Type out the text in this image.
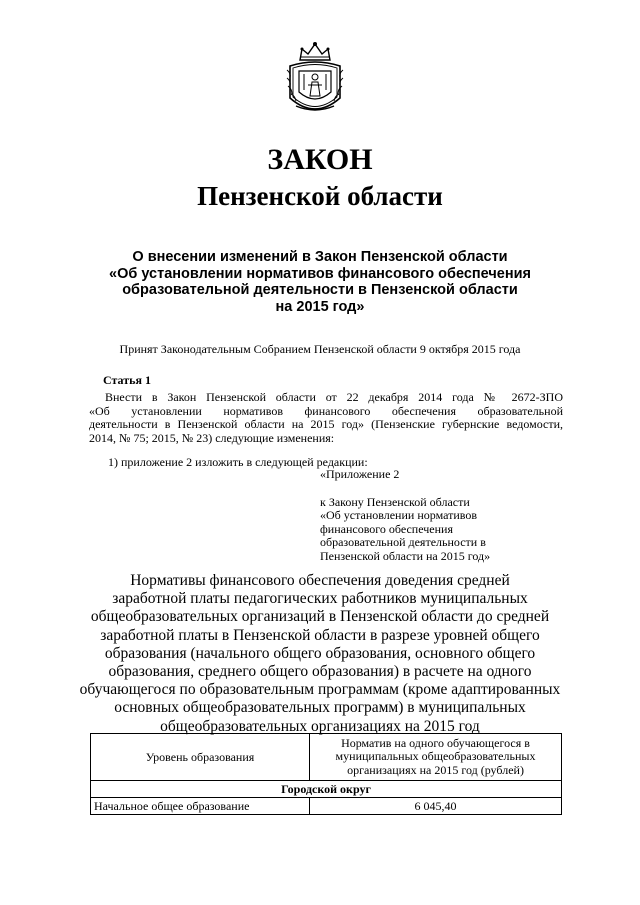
ЗАКОН
Пензенской области
О внесении изменений в Закон Пензенской области
«Об установлении нормативов финансового обеспечения
образовательной деятельности в Пензенской области
на 2015 год»
Принят Законодательным Собранием Пензенской области 9 октября 2015 года
Статья 1
Внести в Закон Пензенской области от 22 декабря 2014 года № 2672-ЗПО
«Об установлении нормативов финансового обеспечения образовательной
деятельности в Пензенской области на 2015 год» (Пензенские губернские ведомости,
2014, № 75; 2015, № 23) следующие изменения:
1) приложение 2 изложить в следующей редакции:
«Приложение 2
к Закону Пензенской области
«Об установлении нормативов
финансового обеспечения
образовательной деятельности в
Пензенской области на 2015 год»
Нормативы финансового обеспечения доведения средней
заработной платы педагогических работников муниципальных
общеобразовательных организаций в Пензенской области до средней
заработной платы в Пензенской области в разрезе уровней общего
образования (начального общего образования, основного общего
образования, среднего общего образования) в расчете на одного
обучающегося по образовательным программам (кроме адаптированных
основных общеобразовательных программ) в муниципальных
общеобразовательных организациях на 2015 год
Уровень образования	Норматив на одного обучающегося в
муниципальных общеобразовательных
организациях на 2015 год (рублей)

Городской округ	
Начальное общее образование	6 045,40
